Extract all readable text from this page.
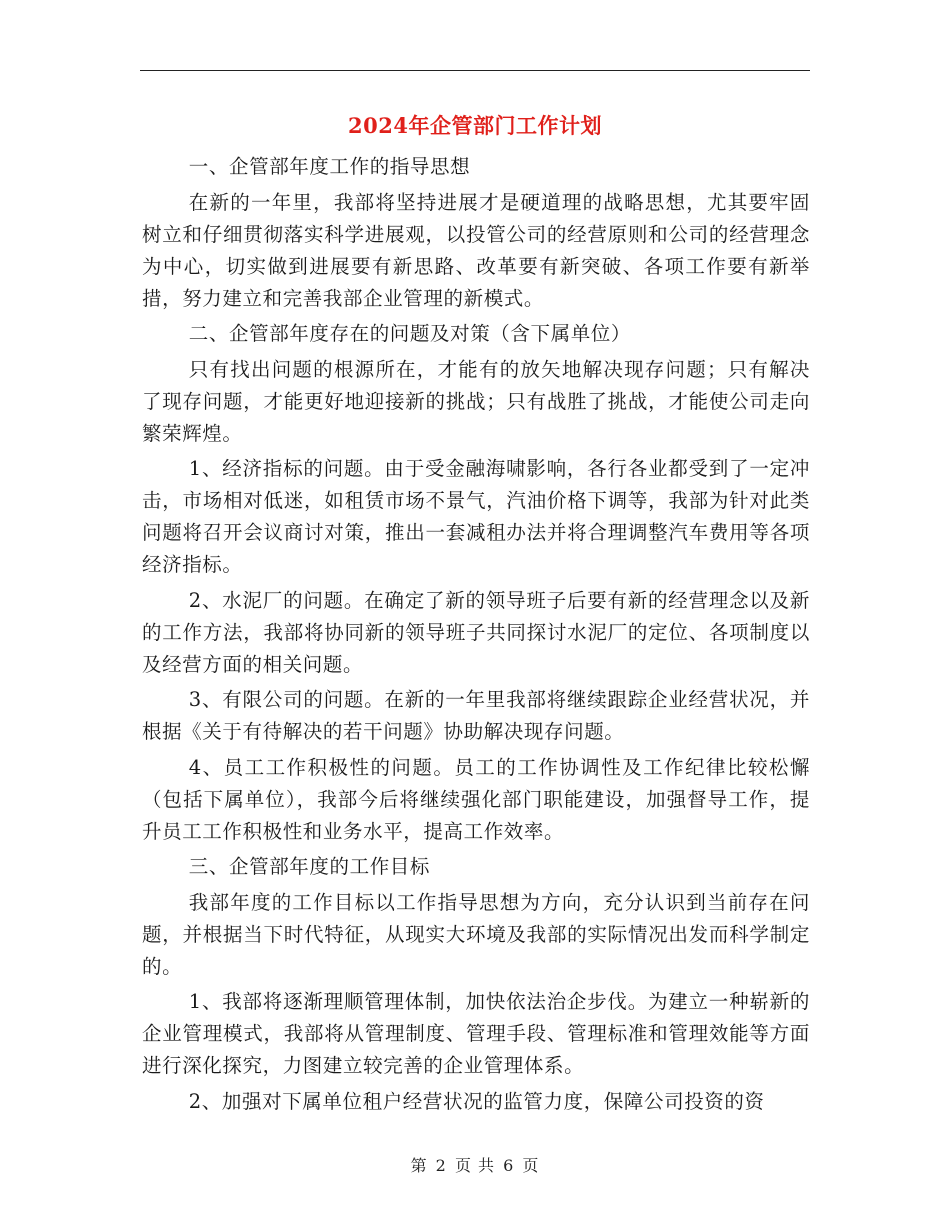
2024年企管部门工作计划

一、企管部年度工作的指导思想

在新的一年里，我部将坚持进展才是硬道理的战略思想，尤其要牢固树立和仔细贯彻落实科学进展观，以投管公司的经营原则和公司的经营理念为中心，切实做到进展要有新思路、改革要有新突破、各项工作要有新举措，努力建立和完善我部企业管理的新模式。

二、企管部年度存在的问题及对策（含下属单位）

只有找出问题的根源所在，才能有的放矢地解决现存问题；只有解决了现存问题，才能更好地迎接新的挑战；只有战胜了挑战，才能使公司走向繁荣辉煌。

1、经济指标的问题。由于受金融海啸影响，各行各业都受到了一定冲击，市场相对低迷，如租赁市场不景气，汽油价格下调等，我部为针对此类问题将召开会议商讨对策，推出一套减租办法并将合理调整汽车费用等各项经济指标。

2、水泥厂的问题。在确定了新的领导班子后要有新的经营理念以及新的工作方法，我部将协同新的领导班子共同探讨水泥厂的定位、各项制度以及经营方面的相关问题。

3、有限公司的问题。在新的一年里我部将继续跟踪企业经营状况，并根据《关于有待解决的若干问题》协助解决现存问题。

4、员工工作积极性的问题。员工的工作协调性及工作纪律比较松懈（包括下属单位），我部今后将继续强化部门职能建设，加强督导工作，提升员工工作积极性和业务水平，提高工作效率。

三、企管部年度的工作目标

我部年度的工作目标以工作指导思想为方向，充分认识到当前存在问题，并根据当下时代特征，从现实大环境及我部的实际情况出发而科学制定的。

1、我部将逐渐理顺管理体制，加快依法治企步伐。为建立一种崭新的企业管理模式，我部将从管理制度、管理手段、管理标准和管理效能等方面进行深化探究，力图建立较完善的企业管理体系。

2、加强对下属单位租户经营状况的监管力度，保障公司投资的资

第 2 页 共 6 页
